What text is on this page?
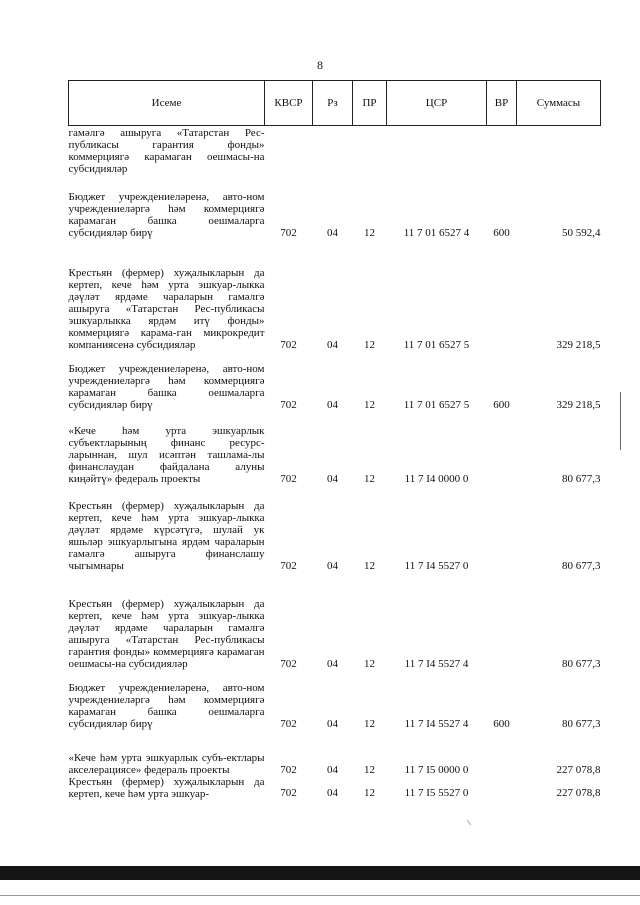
8
Исеме	КВСР	Рз	ПР	ЦСР	ВР	Суммасы
гамәлгә ашыруга «Татарстан Рес-публикасы гарантия фонды» коммерциягә карамаган оешмасы-на субсидияләр						
Бюджет учреждениеләренә, авто-ном учреждениеләргә һәм коммерциягә карамаган башка оешмаларга субсидияләр бирү	702	04	12	11 7 01 6527 4	600	50 592,4
Крестьян (фермер) хуҗалыкларын да кертеп, кече һәм урта эшкуар-лыкка дәүләт ярдәме чараларын гамәлгә ашыруга «Татарстан Рес-публикасы эшкуарлыкка ярдәм итү фонды» коммерциягә карама-ган микрокредит компаниясенә субсидияләр	702	04	12	11 7 01 6527 5		329 218,5
Бюджет учреждениеләренә, авто-ном учреждениеләргә һәм коммерциягә карамаган башка оешмаларга субсидияләр бирү	702	04	12	11 7 01 6527 5	600	329 218,5
«Кече һәм урта эшкуарлык субъектларының финанс ресурс-ларыннан, шул исәптән ташлама-лы финанслаудан файдалана алуны киңәйтү» федераль проекты	702	04	12	11 7 I4 0000 0		80 677,3
Крестьян (фермер) хуҗалыкларын да кертеп, кече һәм урта эшкуар-лыкка дәүләт ярдәме күрсәтүгә, шулай ук яшьләр эшкуарлыгына ярдәм чараларын гамәлгә ашыруга финанслашу чыгымнары	702	04	12	11 7 I4 5527 0		80 677,3
Крестьян (фермер) хуҗалыкларын да кертеп, кече һәм урта эшкуар-лыкка дәүләт ярдәме чараларын гамәлгә ашыруга «Татарстан Рес-публикасы гарантия фонды» коммерциягә карамаган оешмасы-на субсидияләр	702	04	12	11 7 I4 5527 4		80 677,3
Бюджет учреждениеләренә, авто-ном учреждениеләргә һәм коммерциягә карамаган башка оешмаларга субсидияләр бирү	702	04	12	11 7 I4 5527 4	600	80 677,3
«Кече һәм урта эшкуарлык субъ-ектлары акселерациясе» федераль проекты	702	04	12	11 7 I5 0000 0		227 078,8
Крестьян (фермер) хуҗалыкларын да кертеп, кече һәм урта эшкуар-	702	04	12	11 7 I5 5527 0		227 078,8
